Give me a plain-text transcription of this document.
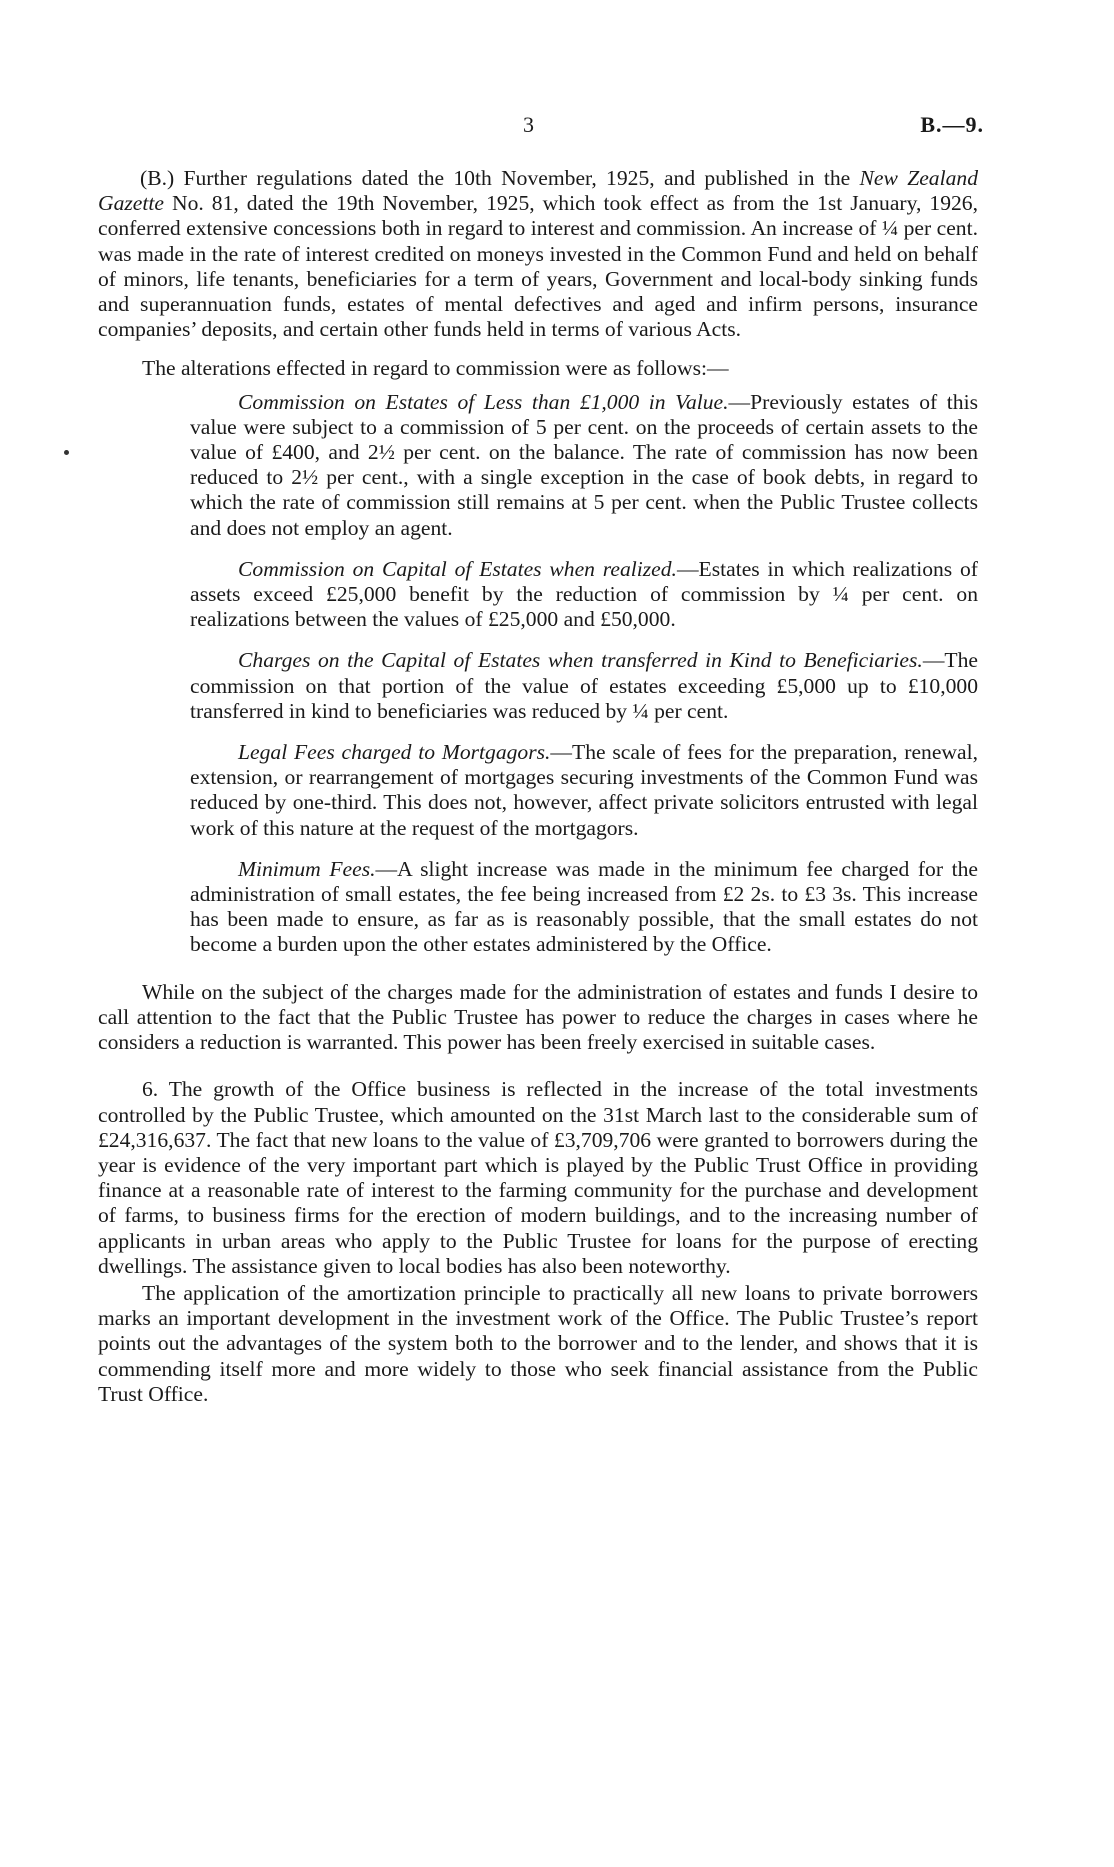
3	B.—9.

(B.) Further regulations dated the 10th November, 1925, and published in the New Zealand Gazette No. 81, dated the 19th November, 1925, which took effect as from the 1st January, 1926, conferred extensive concessions both in regard to interest and commission. An increase of ¼ per cent. was made in the rate of interest credited on moneys invested in the Common Fund and held on behalf of minors, life tenants, beneficiaries for a term of years, Government and local-body sinking funds and superannuation funds, estates of mental defectives and aged and infirm persons, insurance companies’ deposits, and certain other funds held in terms of various Acts.

The alterations effected in regard to commission were as follows:—

Commission on Estates of Less than £1,000 in Value.—Previously estates of this value were subject to a commission of 5 per cent. on the proceeds of certain assets to the value of £400, and 2½ per cent. on the balance. The rate of commission has now been reduced to 2½ per cent., with a single exception in the case of book debts, in regard to which the rate of commission still remains at 5 per cent. when the Public Trustee collects and does not employ an agent.

Commission on Capital of Estates when realized.—Estates in which realizations of assets exceed £25,000 benefit by the reduction of commission by ¼ per cent. on realizations between the values of £25,000 and £50,000.

Charges on the Capital of Estates when transferred in Kind to Beneficiaries.—The commission on that portion of the value of estates exceeding £5,000 up to £10,000 transferred in kind to beneficiaries was reduced by ¼ per cent.

Legal Fees charged to Mortgagors.—The scale of fees for the preparation, renewal, extension, or rearrangement of mortgages securing investments of the Common Fund was reduced by one-third. This does not, however, affect private solicitors entrusted with legal work of this nature at the request of the mortgagors.

Minimum Fees.—A slight increase was made in the minimum fee charged for the administration of small estates, the fee being increased from £2 2s. to £3 3s. This increase has been made to ensure, as far as is reasonably possible, that the small estates do not become a burden upon the other estates administered by the Office.

While on the subject of the charges made for the administration of estates and funds I desire to call attention to the fact that the Public Trustee has power to reduce the charges in cases where he considers a reduction is warranted. This power has been freely exercised in suitable cases.

6. The growth of the Office business is reflected in the increase of the total investments controlled by the Public Trustee, which amounted on the 31st March last to the considerable sum of £24,316,637. The fact that new loans to the value of £3,709,706 were granted to borrowers during the year is evidence of the very important part which is played by the Public Trust Office in providing finance at a reasonable rate of interest to the farming community for the purchase and development of farms, to business firms for the erection of modern buildings, and to the increasing number of applicants in urban areas who apply to the Public Trustee for loans for the purpose of erecting dwellings. The assistance given to local bodies has also been noteworthy.

The application of the amortization principle to practically all new loans to private borrowers marks an important development in the investment work of the Office. The Public Trustee’s report points out the advantages of the system both to the borrower and to the lender, and shows that it is commending itself more and more widely to those who seek financial assistance from the Public Trust Office.
